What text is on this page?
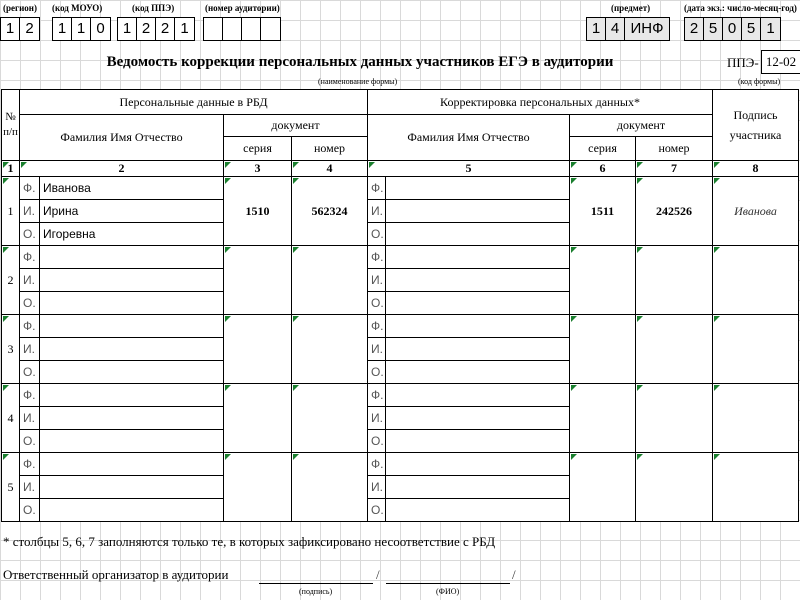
(регион)
1 2
(код МОУО)
1 1 0
(код ППЭ)
1 2 2 1
(номер аудитории)	(предмет)
1 4 ИНФ
(дата экз.: число-месяц-год)
2 5 0 5 1
Ведомость коррекции персональных данных участников ЕГЭ в аудитории	ППЭ- 12-02
(наименование формы)	(код формы)
№ п/п	Персональные данные в РБД				Корректировка персональных данных*				Подпись участника
	Фамилия Имя Отчество		документ		Фамилия Имя Отчество		документ		
			серия	номер			серия	номер	
1	2		3	4	5		6	7	8
1	Ф.	Иванова	1510	562324	Ф.		1511	242526	Иванова
	И.	Ирина			И.				
	О.	Игоревна			О.				
2	Ф.				Ф.				
	И.				И.				
	О.				О.				
3	Ф.				Ф.				
	И.				И.				
	О.				О.				
4	Ф.				Ф.				
	И.				И.				
	О.				О.				
5	Ф.				Ф.				
	И.				И.				
	О.				О.				
* столбцы 5, 6, 7 заполняются только те, в которых зафиксировано несоответствие с РБД
Ответственный организатор в аудитории	/	/
(подпись)	(ФИО)
